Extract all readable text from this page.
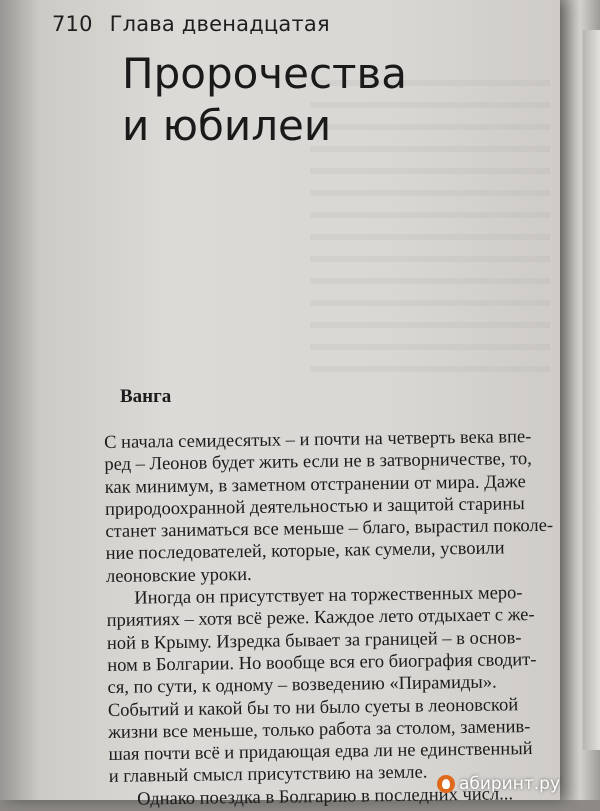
710 Глава двенадцатая
Пророчества
и юбилеи
Ванга
С начала семидесятых – и почти на четверть века впе-
ред – Леонов будет жить если не в затворничестве, то,
как минимум, в заметном отстранении от мира. Даже
природоохранной деятельностью и защитой старины
станет заниматься все меньше – благо, вырастил поколе-
ние последователей, которые, как сумели, усвоили
леоновские уроки.
Иногда он присутствует на торжественных меро-
приятиях – хотя всё реже. Каждое лето отдыхает с же-
ной в Крыму. Изредка бывает за границей – в основ-
ном в Болгарии. Но вообще вся его биография сводит-
ся, по сути, к одному – возведению «Пирамиды».
Событий и какой бы то ни было суеты в леоновской
жизни все меньше, только работа за столом, заменив-
шая почти всё и придающая едва ли не единственный
и главный смысл присутствию на земле.
Однако поездка в Болгарию в последних числ...
абиринт.ру
